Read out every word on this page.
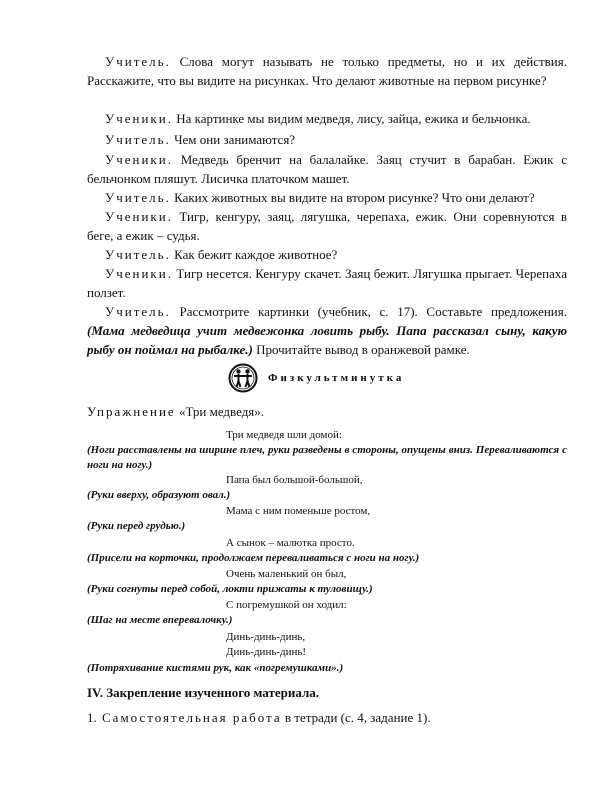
Учитель. Слова могут называть не только предметы, но и их действия. Расскажите, что вы видите на рисунках. Что делают животные на первом рисунке?

Ученики. На картинке мы видим медведя, лису, зайца, ежика и бельчонка.

Учитель. Чем они занимаются?

Ученики. Медведь бренчит на балалайке. Заяц стучит в барабан. Ежик с бельчонком пляшут. Лисичка платочком машет.

Учитель. Каких животных вы видите на втором рисунке? Что они делают?

Ученики. Тигр, кенгуру, заяц, лягушка, черепаха, ежик. Они соревнуются в беге, а ежик – судья.

Учитель. Как бежит каждое животное?

Ученики. Тигр несется. Кенгуру скачет. Заяц бежит. Лягушка прыгает. Черепаха ползет.

Учитель. Рассмотрите картинки (учебник, с. 17). Составьте предложения. (Мама медведица учит медвежонка ловить рыбу. Папа рассказал сыну, какую рыбу он поймал на рыбалке.) Прочитайте вывод в оранжевой рамке.

Физкультминутка

Упражнение «Три медведя».

Три медведя шли домой:

(Ноги расставлены на ширине плеч, руки разведены в стороны, опущены вниз. Переваливаются с ноги на ногу.)

Папа был большой-большой,

(Руки вверху, образуют овал.)

Мама с ним поменьше ростом,

(Руки перед грудью.)

А сынок – малютка просто.

(Присели на корточки, продолжаем переваливаться с ноги на ногу.)

Очень маленький он был,

(Руки согнуты перед собой, локти прижаты к туловищу.)

С погремушкой он ходил:

(Шаг на месте вперевалочку.)

Динь-динь-динь,

Динь-динь-динь!

(Потряхивание кистями рук, как «погремушками».)

IV. Закрепление изученного материала.

1. Самостоятельная работа в тетради (с. 4, задание 1).
